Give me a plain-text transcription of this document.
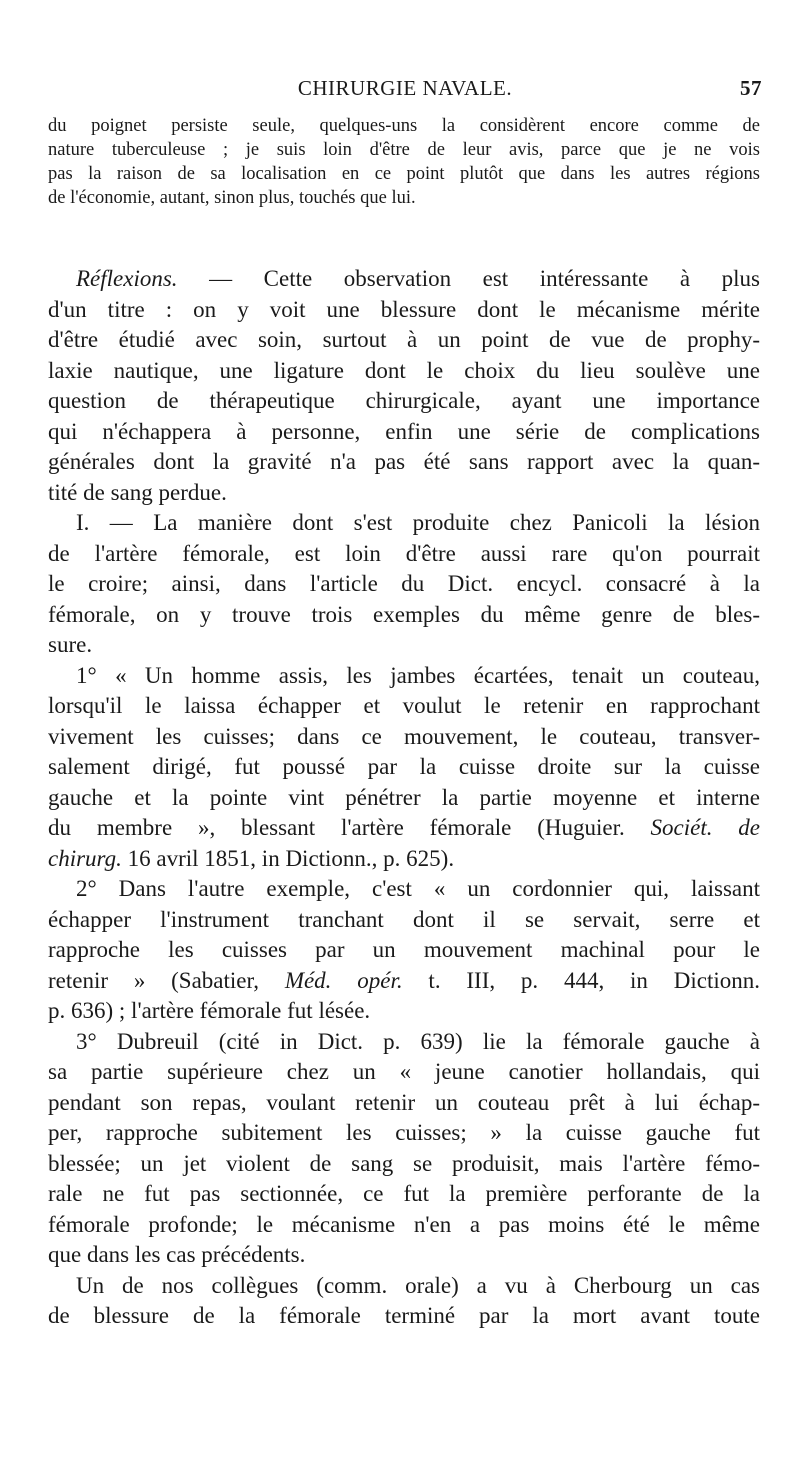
CHIRURGIE NAVALE.	57
du poignet persiste seule, quelques-uns la considèrent encore comme de
nature tuberculeuse ; je suis loin d'être de leur avis, parce que je ne vois
pas la raison de sa localisation en ce point plutôt que dans les autres régions
de l'économie, autant, sinon plus, touchés que lui.
Réflexions. — Cette observation est intéressante à plus
d'un titre : on y voit une blessure dont le mécanisme mérite
d'être étudié avec soin, surtout à un point de vue de prophy-
laxie nautique, une ligature dont le choix du lieu soulève une
question de thérapeutique chirurgicale, ayant une importance
qui n'échappera à personne, enfin une série de complications
générales dont la gravité n'a pas été sans rapport avec la quan-
tité de sang perdue.
I. — La manière dont s'est produite chez Panicoli la lésion
de l'artère fémorale, est loin d'être aussi rare qu'on pourrait
le croire; ainsi, dans l'article du Dict. encycl. consacré à la
fémorale, on y trouve trois exemples du même genre de bles-
sure.
1° « Un homme assis, les jambes écartées, tenait un couteau,
lorsqu'il le laissa échapper et voulut le retenir en rapprochant
vivement les cuisses; dans ce mouvement, le couteau, transver-
salement dirigé, fut poussé par la cuisse droite sur la cuisse
gauche et la pointe vint pénétrer la partie moyenne et interne
du membre », blessant l'artère fémorale (Huguier. Sociét. de
chirurg. 16 avril 1851, in Dictionn., p. 625).
2° Dans l'autre exemple, c'est « un cordonnier qui, laissant
échapper l'instrument tranchant dont il se servait, serre et
rapproche les cuisses par un mouvement machinal pour le
retenir » (Sabatier, Méd. opér. t. III, p. 444, in Dictionn.
p. 636) ; l'artère fémorale fut lésée.
3° Dubreuil (cité in Dict. p. 639) lie la fémorale gauche à
sa partie supérieure chez un « jeune canotier hollandais, qui
pendant son repas, voulant retenir un couteau prêt à lui échap-
per, rapproche subitement les cuisses; » la cuisse gauche fut
blessée; un jet violent de sang se produisit, mais l'artère fémo-
rale ne fut pas sectionnée, ce fut la première perforante de la
fémorale profonde; le mécanisme n'en a pas moins été le même
que dans les cas précédents.
Un de nos collègues (comm. orale) a vu à Cherbourg un cas
de blessure de la fémorale terminé par la mort avant toute
